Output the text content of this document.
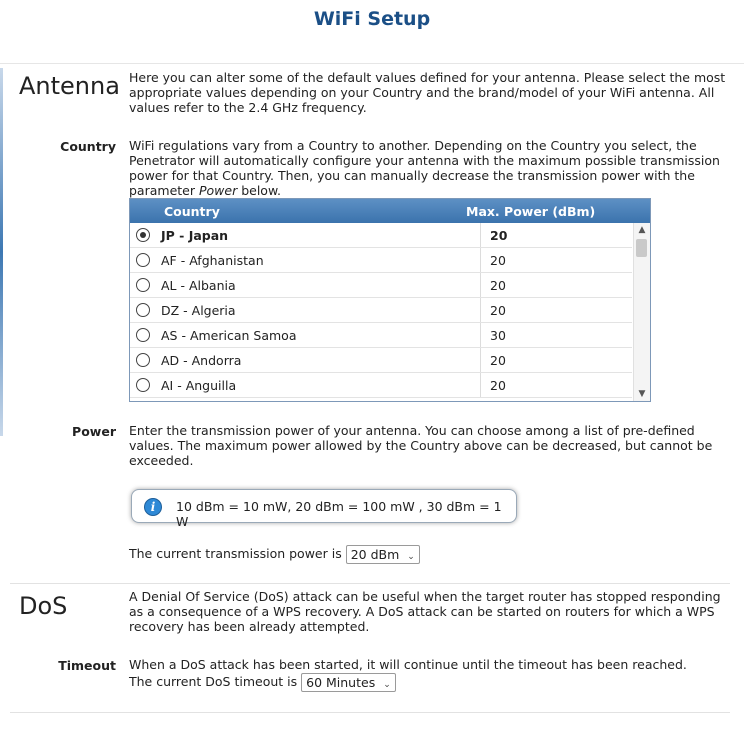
WiFi Setup
Antenna Here you can alter some of the default values defined for your antenna. Please select the most appropriate values depending on your Country and the brand/model of your WiFi antenna. All values refer to the 2.4 GHz frequency.
Country WiFi regulations vary from a Country to another. Depending on the Country you select, the Penetrator will automatically configure your antenna with the maximum possible transmission power for that Country. Then, you can manually decrease the transmission power with the parameter Power below.
Country	Max. Power (dBm)
JP - Japan	20
AF - Afghanistan	20
AL - Albania	20
DZ - Algeria	20
AS - American Samoa	30
AD - Andorra	20
AI - Anguilla	20
▲
▼
Power Enter the transmission power of your antenna. You can choose among a list of pre-defined values. The maximum power allowed by the Country above can be decreased, but cannot be exceeded.
i	10 dBm = 10 mW, 20 dBm = 100 mW , 30 dBm = 1 W
The current transmission power is 20 dBm ⌄
DoS	A Denial Of Service (DoS) attack can be useful when the target router has stopped responding as a consequence of a WPS recovery. A DoS attack can be started on routers for which a WPS recovery has been already attempted.
Timeout When a DoS attack has been started, it will continue until the timeout has been reached.
The current DoS timeout is 60 Minutes ⌄
